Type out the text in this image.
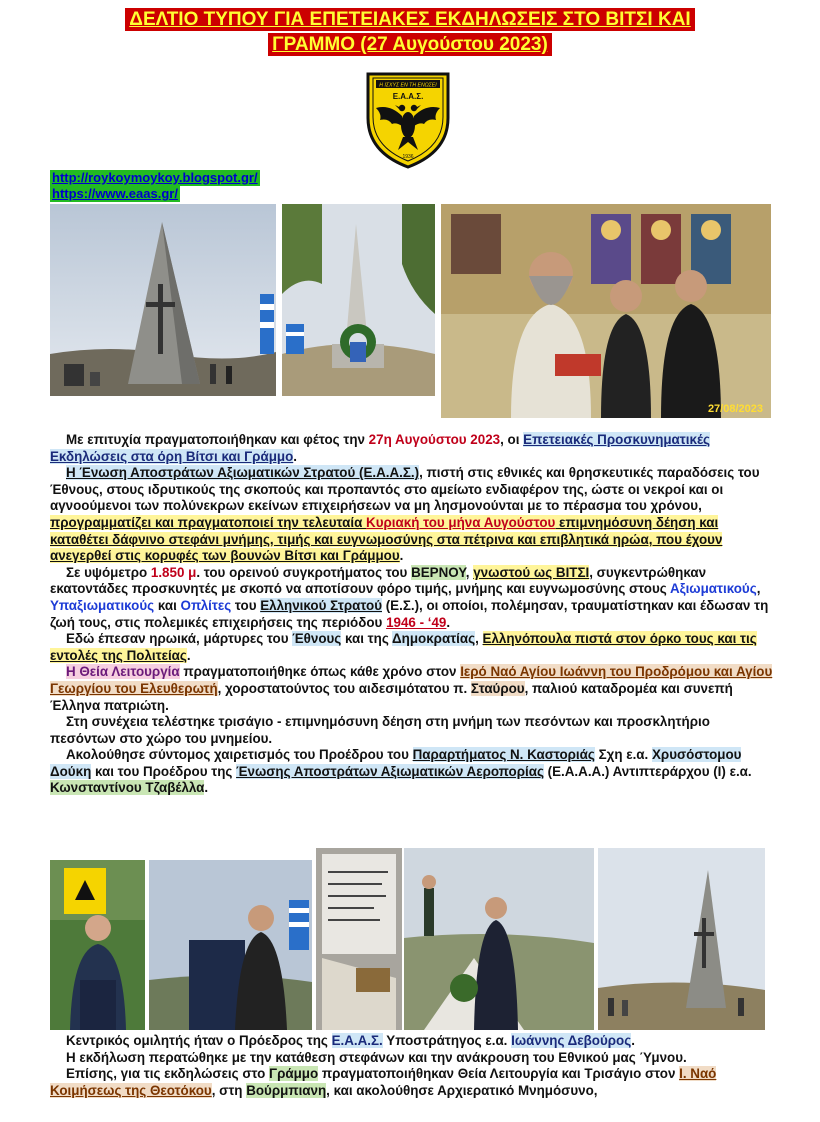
ΔΕΛΤΙΟ ΤΥΠΟΥ ΓΙΑ ΕΠΕΤΕΙΑΚΕΣ ΕΚΔΗΛΩΣΕΙΣ ΣΤΟ ΒΙΤΣΙ ΚΑΙ
ΓΡΑΜΜΟ (27 Αυγούστου 2023)
Η ΙΣΧΥΣ ΕΝ ΤΗ ΕΝΩΣΕΙ
Ε.Α.Α.Σ.
1936
http://roykoymoykoy.blogspot.gr/
https://www.eaas.gr/
27/08/2023

Με επιτυχία πραγματοποιήθηκαν και φέτος την 27η Αυγούστου 2023, οι Επετειακές Προσκυνηματικές Εκδηλώσεις στα όρη Βίτσι και Γράμμο.

Η Ένωση Αποστράτων Αξιωματικών Στρατού (Ε.Α.Α.Σ.), πιστή στις εθνικές και θρησκευτικές παραδόσεις του Έθνους, στους ιδρυτικούς της σκοπούς και προπαντός στο αμείωτο ενδιαφέρον της, ώστε οι νεκροί και οι αγνοούμενοι των πολύνεκρων εκείνων επιχειρήσεων να μη λησμονούνται με το πέρασμα του χρόνου, προγραμματίζει και πραγματοποιεί την τελευταία Κυριακή του μήνα Αυγούστου επιμνημόσυνη δέηση και καταθέτει δάφνινο στεφάνι μνήμης, τιμής και ευγνωμοσύνης στα πέτρινα και επιβλητικά ηρώα, που έχουν ανεγερθεί στις κορυφές των βουνών Βίτσι και Γράμμου.

Σε υψόμετρο 1.850 μ. του ορεινού συγκροτήματος του ΒΕΡΝΟΥ, γνωστού ως ΒΙΤΣΙ, συγκεντρώθηκαν εκατοντάδες προσκυνητές με σκοπό να αποτίσουν φόρο τιμής, μνήμης και ευγνωμοσύνης στους Αξιωματικούς, Υπαξιωματικούς και Οπλίτες του Ελληνικού Στρατού (Ε.Σ.), οι οποίοι, πολέμησαν, τραυματίστηκαν και έδωσαν τη ζωή τους, στις πολεμικές επιχειρήσεις της περιόδου 1946 - ‘49.

Εδώ έπεσαν ηρωικά, μάρτυρες του Έθνους και της Δημοκρατίας, Ελληνόπουλα πιστά στον όρκο τους και τις εντολές της Πολιτείας.

Η Θεία Λειτουργία πραγματοποιήθηκε όπως κάθε χρόνο στον Ιερό Ναό Αγίου Ιωάννη του Προδρόμου και Αγίου Γεωργίου του Ελευθερωτή, χοροστατούντος του αιδεσιμότατου π. Σταύρου, παλιού καταδρομέα και συνεπή Έλληνα πατριώτη.

Στη συνέχεια τελέστηκε τρισάγιο - επιμνημόσυνη δέηση στη μνήμη των πεσόντων και προσκλητήριο πεσόντων στο χώρο του μνημείου.

Ακολούθησε σύντομος χαιρετισμός του Προέδρου του Παραρτήματος Ν. Καστοριάς Σχη ε.α. Χρυσόστομου Δούκη και του Προέδρου της Ένωσης Αποστράτων Αξιωματικών Αεροπορίας (Ε.Α.Α.Α.) Αντιπτεράρχου (Ι) ε.α. Κωνσταντίνου Τζαβέλλα.

Κεντρικός ομιλητής ήταν ο Πρόεδρος της Ε.Α.Α.Σ. Υποστράτηγος ε.α. Ιωάννης Δεβούρος.

Η εκδήλωση περατώθηκε με την κατάθεση στεφάνων και την ανάκρουση του Εθνικού μας Ύμνου.

Επίσης, για τις εκδηλώσεις στο Γράμμο πραγματοποιήθηκαν Θεία Λειτουργία και Τρισάγιο στον Ι. Ναό Κοιμήσεως της Θεοτόκου, στη Βούρμπιανη, και ακολούθησε Αρχιερατικό Μνημόσυνο,
